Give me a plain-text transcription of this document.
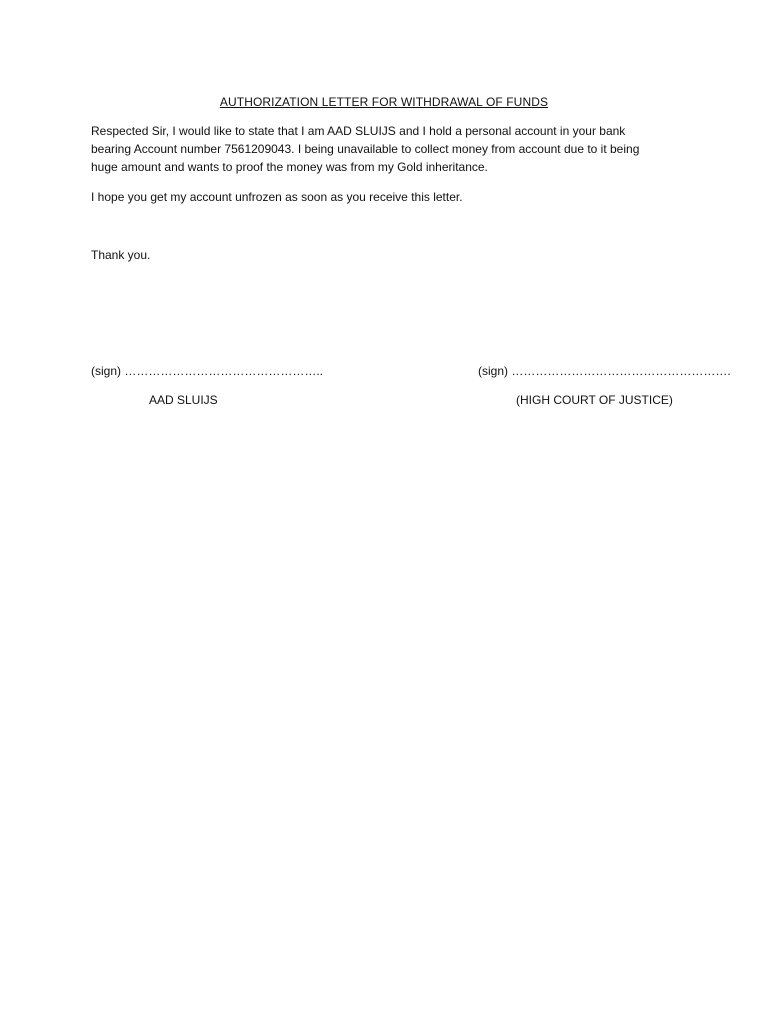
AUTHORIZATION LETTER FOR WITHDRAWAL OF FUNDS

Respected Sir, I would like to state that I am AAD SLUIJS and I hold a personal account in your bank
bearing Account number 7561209043. I being unavailable to collect money from account due to it being
huge amount and wants to proof the money was from my Gold inheritance.

I hope you get my account unfrozen as soon as you receive this letter.

Thank you.

(sign) …………………………………………..	(sign) ……………………………………………….
AAD SLUIJS	(HIGH COURT OF JUSTICE)
